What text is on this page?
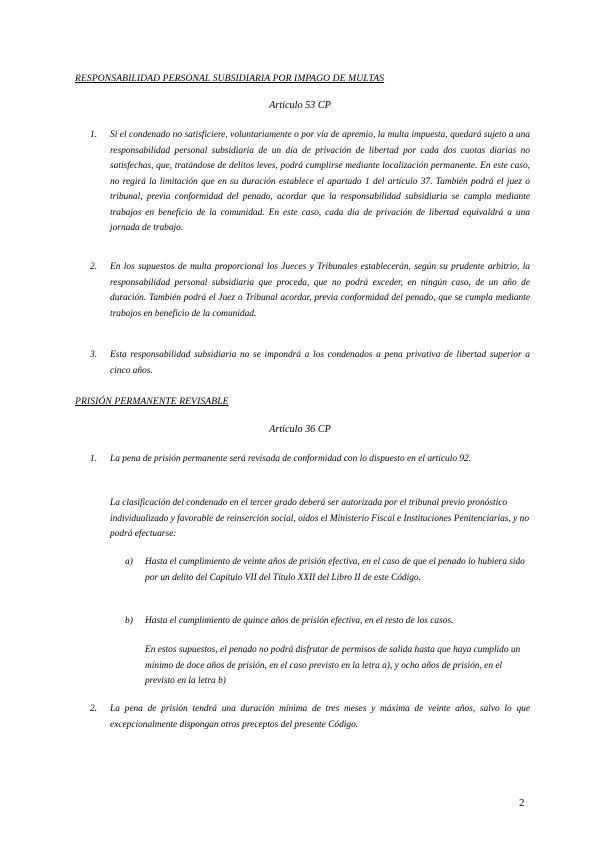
RESPONSABILIDAD PERSONAL SUBSIDIARIA POR IMPAGO DE MULTAS
Artículo 53 CP
1. Si el condenado no satisficiere, voluntariamente o por vía de apremio, la multa impuesta, quedará sujeto a una responsabilidad personal subsidiaria de un día de privación de libertad por cada dos cuotas diarias no satisfechas, que, tratándose de delitos leves, podrá cumplirse mediante localización permanente. En este caso, no regirá la limitación que en su duración establece el apartado 1 del artículo 37. También podrá el juez o tribunal, previa conformidad del penado, acordar que la responsabilidad subsidiaria se cumpla mediante trabajos en beneficio de la comunidad. En este caso, cada día de privación de libertad equivaldrá a una jornada de trabajo.
2. En los supuestos de multa proporcional los Jueces y Tribunales establecerán, según su prudente arbitrio, la responsabilidad personal subsidiaria que proceda, que no podrá exceder, en ningún caso, de un año de duración. También podrá el Juez o Tribunal acordar, previa conformidad del penado, que se cumpla mediante trabajos en beneficio de la comunidad.
3. Esta responsabilidad subsidiaria no se impondrá a los condenados a pena privativa de libertad superior a cinco años.
PRISIÓN PERMANENTE REVISABLE
Artículo 36 CP
1. La pena de prisión permanente será revisada de conformidad con lo dispuesto en el artículo 92.
La clasificación del condenado en el tercer grado deberá ser autorizada por el tribunal previo pronóstico individualizado y favorable de reinserción social, oídos el Ministerio Fiscal e Instituciones Penitenciarias, y no podrá efectuarse:
a) Hasta el cumplimiento de veinte años de prisión efectiva, en el caso de que el penado lo hubiera sido por un delito del Capítulo VII del Título XXII del Libro II de este Código.
b) Hasta el cumplimiento de quince años de prisión efectiva, en el resto de los casos.
En estos supuestos, el penado no podrá disfrutar de permisos de salida hasta que haya cumplido un mínimo de doce años de prisión, en el caso previsto en la letra a), y ocho años de prisión, en el previsto en la letra b)
2. La pena de prisión tendrá una duración mínima de tres meses y máxima de veinte años, salvo lo que excepcionalmente dispongan otros preceptos del presente Código.
2
